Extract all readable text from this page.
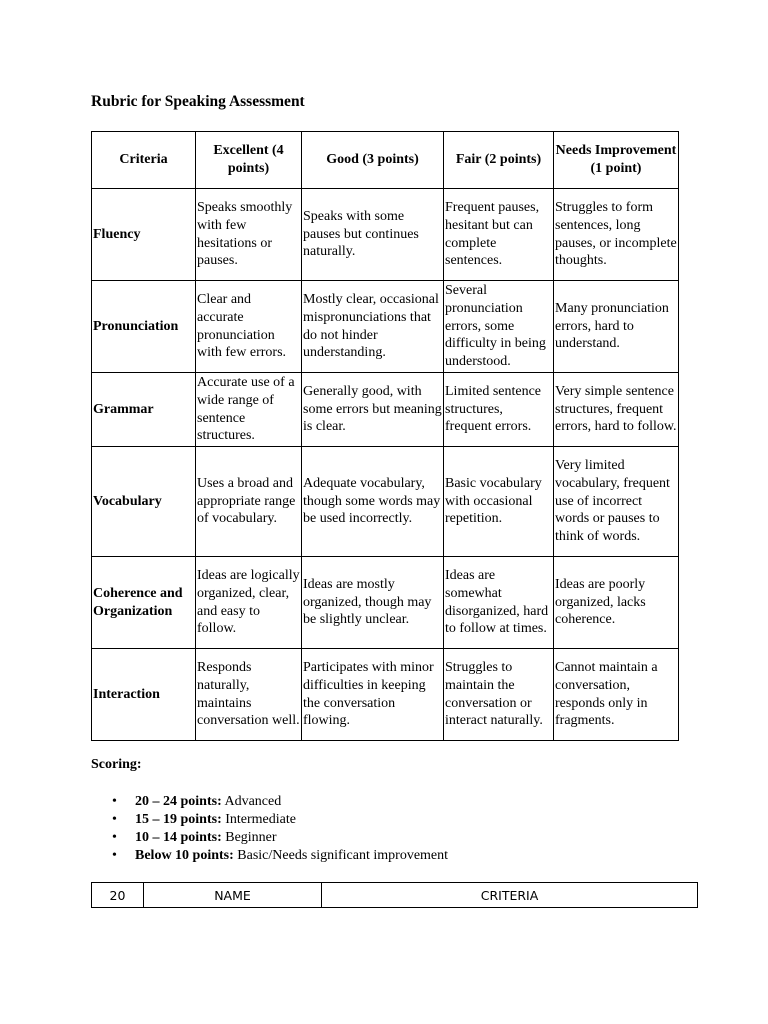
Rubric for Speaking Assessment
Criteria	Excellent (4 points)	Good (3 points)	Fair (2 points)	Needs Improvement (1 point)
Fluency	Speaks smoothly with few hesitations or pauses.	Speaks with some pauses but continues naturally.	Frequent pauses, hesitant but can complete sentences.	Struggles to form sentences, long pauses, or incomplete thoughts.
Pronunciation	Clear and accurate pronunciation with few errors.	Mostly clear, occasional mispronunciations that do not hinder understanding.	Several pronunciation errors, some difficulty in being understood.	Many pronunciation errors, hard to understand.
Grammar	Accurate use of a wide range of sentence structures.	Generally good, with some errors but meaning is clear.	Limited sentence structures, frequent errors.	Very simple sentence structures, frequent errors, hard to follow.
Vocabulary	Uses a broad and appropriate range of vocabulary.	Adequate vocabulary, though some words may be used incorrectly.	Basic vocabulary with occasional repetition.	Very limited vocabulary, frequent use of incorrect words or pauses to think of words.
Coherence and Organization	Ideas are logically organized, clear, and easy to follow.	Ideas are mostly organized, though may be slightly unclear.	Ideas are somewhat disorganized, hard to follow at times.	Ideas are poorly organized, lacks coherence.
Interaction	Responds naturally, maintains conversation well.	Participates with minor difficulties in keeping the conversation flowing.	Struggles to maintain the conversation or interact naturally.	Cannot maintain a conversation, responds only in fragments.
Scoring:
• 20 – 24 points: Advanced
• 15 – 19 points: Intermediate
• 10 – 14 points: Beginner
• Below 10 points: Basic/Needs significant improvement
20	NAME	CRITERIA
